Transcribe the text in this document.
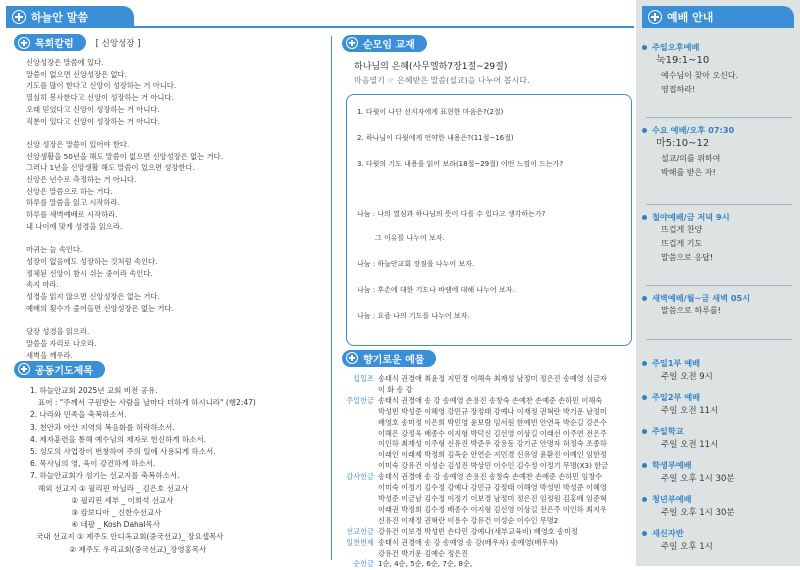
하늘안 말씀
목회칼럼	[ 신앙성장 ]
신앙성장은 말씀에 있다.
말씀이 없으면 신앙성장은 없다.
기도를 많이 한다고 신앙이 성장하는 거 아니다.
열심히 봉사한다고 신앙이 성장하는 거 아니다.
오래 믿었다고 신앙이 성장하는 거 아니다.
직분이 있다고 신앙이 성장하는 거 아니다.
신앙 성장은 말씀이 있어야 한다.
신앙생활을 50년을 해도 말씀이 없으면 신앙성장은 없는 거다.
그러나 1년을 신앙생활 해도 말씀이 있으면 성장한다.
신앙은 년수로 측정하는 거 아니다.
신앙은 말씀으로 하는 거다.
하루를 말씀을 읽고 시작하라.
하루를 새벽예배로 시작하라.
내 나이에 맞게 성경을 읽으라.
마귀는 늘 속인다.
성장이 없음에도 성장하는 것처럼 속인다.
정체된 신앙이 참시 쉬는 중이라 속인다.
속지 마라.
성경을 읽지 않으면 신앙성장은 없는 거다.
예배의 횟수가 줄어들면 신앙성장은 없는 거다.
당장 성경을 읽으라.
말씀을 자리로 나오라.
새벽을 깨우라.
공동기도제목
1. 하늘안교회 2025년 교회 비전 공유.
표어 : "주께서 구원받는 사람을 날마다 더하게 하시니라" (행2:47)
2. 나라와 민족을 축복하소서.
3. 천안과 아산 지역의 복음화를 허락하소서.
4. 제자훈련을 통해 예수님의 제자로 헌신하게 하소서.
5. 성도의 사업장이 번창하여 주의 일에 사용되게 하소서.
6. 목사님의 영, 육이 강건하게 하소서.
7. 하늘안교회가 섬기는 선교지를 축복하소서.
해외 선교지 ① 필리핀 마닐라 _ 김은호 선교사
② 필리핀 세부 _ 이희석 선교사
③ 캄보디아 _ 신한수선교사
④ 네팔 _ Kosh Dahal목사
국내 선교지 ① 제주도 안디옥교회(중국선교)_ 장요셉목사
② 제주도 우리교회(중국선교)_장영홍목사
순모임 교재
하나님의 은혜(사무엘하7장1절~29절)
마음열기 ☞ 은혜받은 말씀(설교)을 나누어 봅시다.
1. 다윗이 나단 선지자에게 표현한 마음은?(2절)
2. 하나님이 다윗에게 언약한 내용은?(11절~16절)
3. 다윗의 기도 내용을 읽어 보라(18절~29절) 어떤 느낌이 드는가?
나눔 : 나의 열심과 하나님의 뜻이 다를 수 있다고 생각하는가?
그 이유를 나누어 보자.
나눔 : 하늘안교회 장점을 나누어 보자.
나눔 : 후손에 대한 기도나 바램에 대해 나누어 보자.
나눔 : 요즘 나의 기도를 나누어 보자.
향기로운 예물
십일조 송태식 권경애 최윤정 지민경 이해숙 최재성 남정미 정은진 송예영 심금자
이 화 송 강
주일헌금 송태식 권경애 송 강 송예영 손용진 송창숙 손예찬 손예준 손하민 이해숙
박성빈 박성준 이혜영 강민규 장정태 강예나 이재정 권혁란 박기운 남정미
배영호 송미정 이은희 박민영 윤보람 임서원 한예빈 안연옥 박순길 강은수
이해은 강정욱 배종수 이지형 박덕신 김선영 이상길 이래선 이주연 전은주
이인하 최재성 이주형 신유진 박준우 강용동 강기군 안명자 허정숙 조종하
이래인 이래제 박정희 김옥순 안연순 지민경 신유영 윤환진 이예인 임한정
이미숙 강유건 이성순 김성진 박상민 이수인 김수정 이정기 무명(X3) 한금
감사헌금 송태식 권경애 송 강 송예영 손용진 송창숙 손예찬 손예준 손하민 임창수
이미숙 이정기 김수정 강예나 강민규 강정태 이해영 박성빈 박성준 이혜영
박성준 이금남 김수정 이정기 이보경 남정미 정은진 임정원 김홍배 임준혁
이래권 박정희 김수정 배종수 이지형 김선영 이상길 전은주 이인하 최지우
신유진 이재정 권혁란 이용수 강유건 이성순 이수인 무명2
선교헌금 강유건 이보경 박성빈 손다민 강예나(새부교육비) 배영호 송미정
일천번제 송태식 권경애 송 강 송예영 송 강(배우자) 송예영(배우자)
강유건 박기운 김예순 정은진
순헌금 1순, 4순, 5순, 6순, 7순, 8순,
예배 안내
주일오후예배
눅19:1~10
예수님이 찾아 오신다.
영접하라!
수요 예배/오후 07:30
마5:10~12
설교/의를 위하여
박해를 받은 자!
철야예배/금 저녁 9시
뜨겁게 찬양
뜨겁게 기도
말씀으로 응답!
새벽예배/월~금 새벽 05시
말씀으로 하루를!
주일1부 예배
주일 오전 9시
주일2부 예배
주일 오전 11시
주일학교
주일 오전 11시
학생부예배
주일 오후 1시 30분
청년부예배
주일 오후 1시 30분
새신자반
주일 오후 1시
